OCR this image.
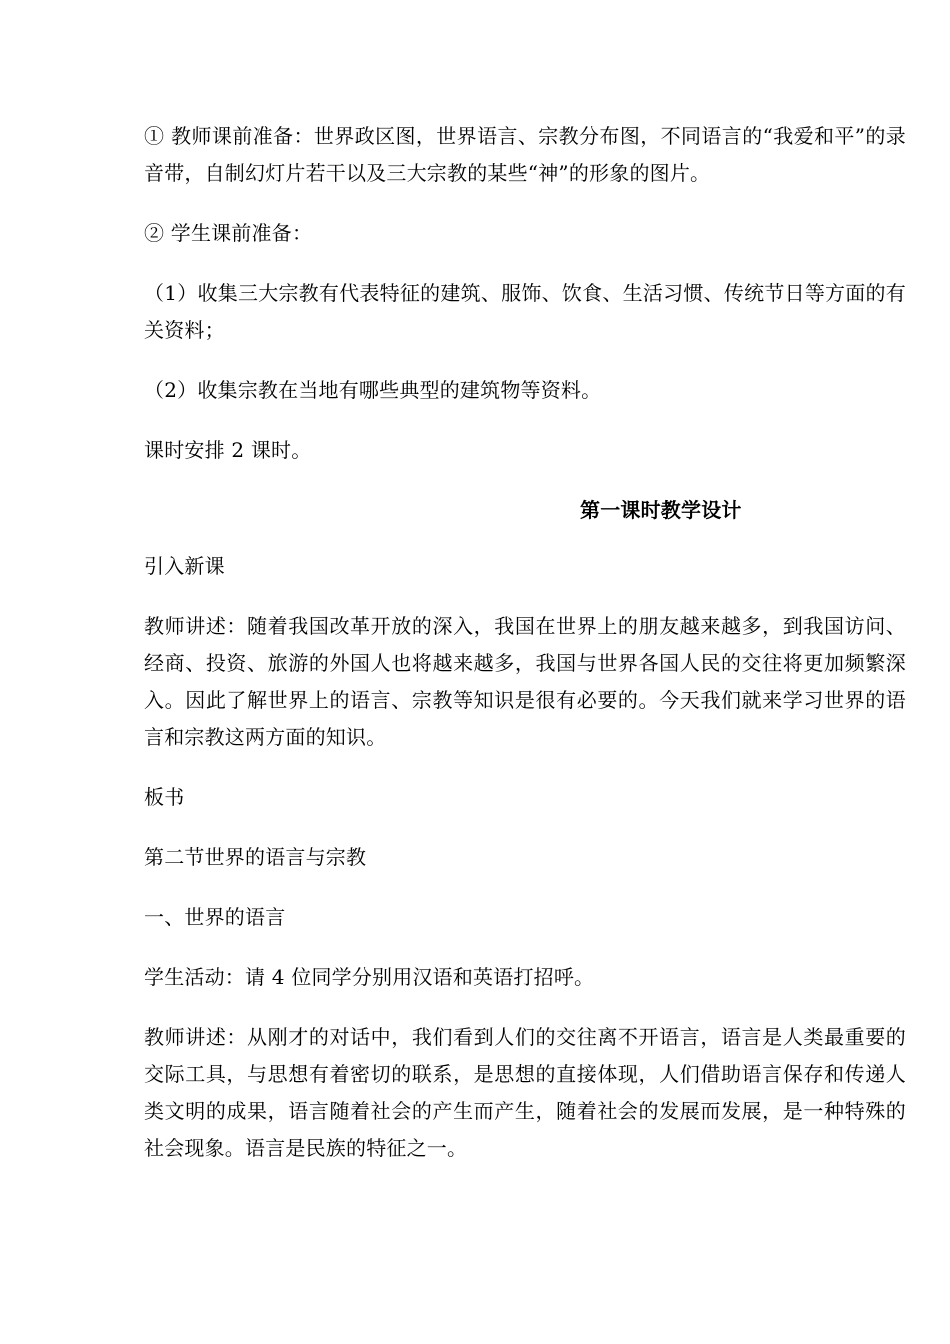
① 教师课前准备：世界政区图，世界语言、宗教分布图，不同语言的“我爱和平”的录音带，自制幻灯片若干以及三大宗教的某些“神”的形象的图片。

② 学生课前准备：

（1）收集三大宗教有代表特征的建筑、服饰、饮食、生活习惯、传统节日等方面的有关资料；

（2）收集宗教在当地有哪些典型的建筑物等资料。

课时安排 2 课时。

第一课时教学设计

引入新课

教师讲述：随着我国改革开放的深入，我国在世界上的朋友越来越多，到我国访问、经商、投资、旅游的外国人也将越来越多，我国与世界各国人民的交往将更加频繁深入。因此了解世界上的语言、宗教等知识是很有必要的。今天我们就来学习世界的语言和宗教这两方面的知识。

板书

第二节世界的语言与宗教

一、世界的语言

学生活动：请 4 位同学分别用汉语和英语打招呼。

教师讲述：从刚才的对话中，我们看到人们的交往离不开语言，语言是人类最重要的交际工具，与思想有着密切的联系，是思想的直接体现，人们借助语言保存和传递人类文明的成果，语言随着社会的产生而产生，随着社会的发展而发展，是一种特殊的社会现象。语言是民族的特征之一。
